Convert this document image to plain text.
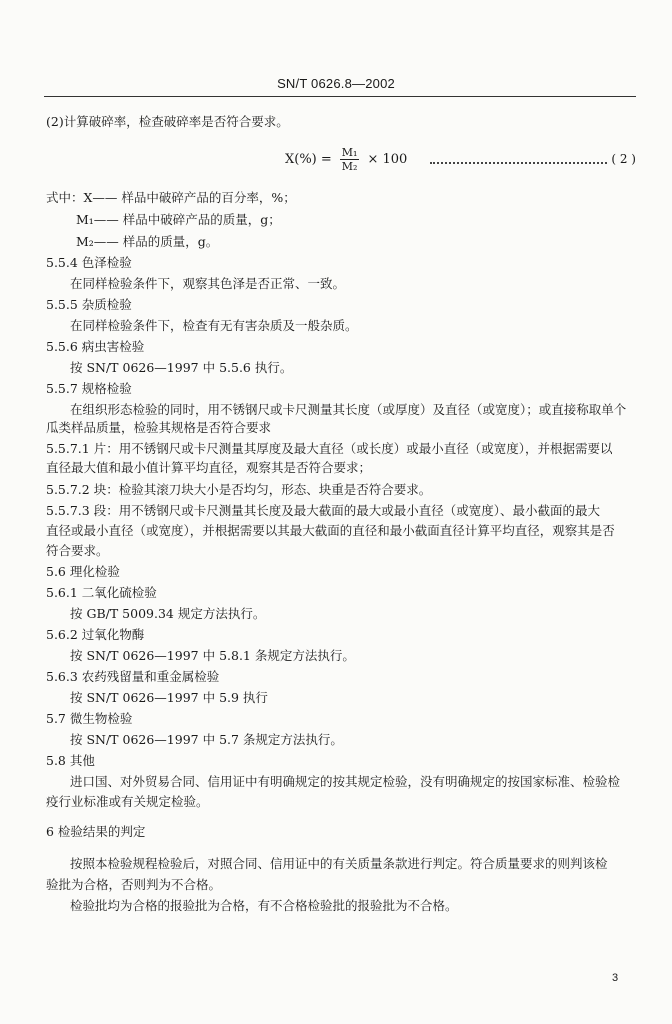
SN/T 0626.8—2002
(2)计算破碎率，检查破碎率是否符合要求。
$X(\%) = \frac{\text{M₁}}{\text{M₂}} \times 100$	( 2 )
式中：X—— 样品中破碎产品的百分率，%；
M₁—— 样品中破碎产品的质量，g；
M₂—— 样品的质量，g。
5.5.4 色泽检验
在同样检验条件下，观察其色泽是否正常、一致。
5.5.5 杂质检验
在同样检验条件下，检查有无有害杂质及一般杂质。
5.5.6 病虫害检验
按 SN/T 0626—1997 中 5.5.6 执行。
5.5.7 规格检验
在组织形态检验的同时，用不锈钢尺或卡尺测量其长度（或厚度）及直径（或宽度）；或直接称取单个
瓜类样品质量，检验其规格是否符合要求
5.5.7.1 片：用不锈钢尺或卡尺测量其厚度及最大直径（或长度）或最小直径（或宽度），并根据需要以
直径最大值和最小值计算平均直径，观察其是否符合要求；
5.5.7.2 块：检验其滚刀块大小是否均匀，形态、块重是否符合要求。
5.5.7.3 段：用不锈钢尺或卡尺测量其长度及最大截面的最大或最小直径（或宽度）、最小截面的最大
直径或最小直径（或宽度），并根据需要以其最大截面的直径和最小截面直径计算平均直径，观察其是否
符合要求。
5.6 理化检验
5.6.1 二氧化硫检验
按 GB/T 5009.34 规定方法执行。
5.6.2 过氧化物酶
按 SN/T 0626—1997 中 5.8.1 条规定方法执行。
5.6.3 农药残留量和重金属检验
按 SN/T 0626—1997 中 5.9 执行
5.7 微生物检验
按 SN/T 0626—1997 中 5.7 条规定方法执行。
5.8 其他
进口国、对外贸易合同、信用证中有明确规定的按其规定检验，没有明确规定的按国家标准、检验检
疫行业标准或有关规定检验。
6 检验结果的判定
按照本检验规程检验后，对照合同、信用证中的有关质量条款进行判定。符合质量要求的则判该检
验批为合格，否则判为不合格。
检验批均为合格的报验批为合格，有不合格检验批的报验批为不合格。
3
